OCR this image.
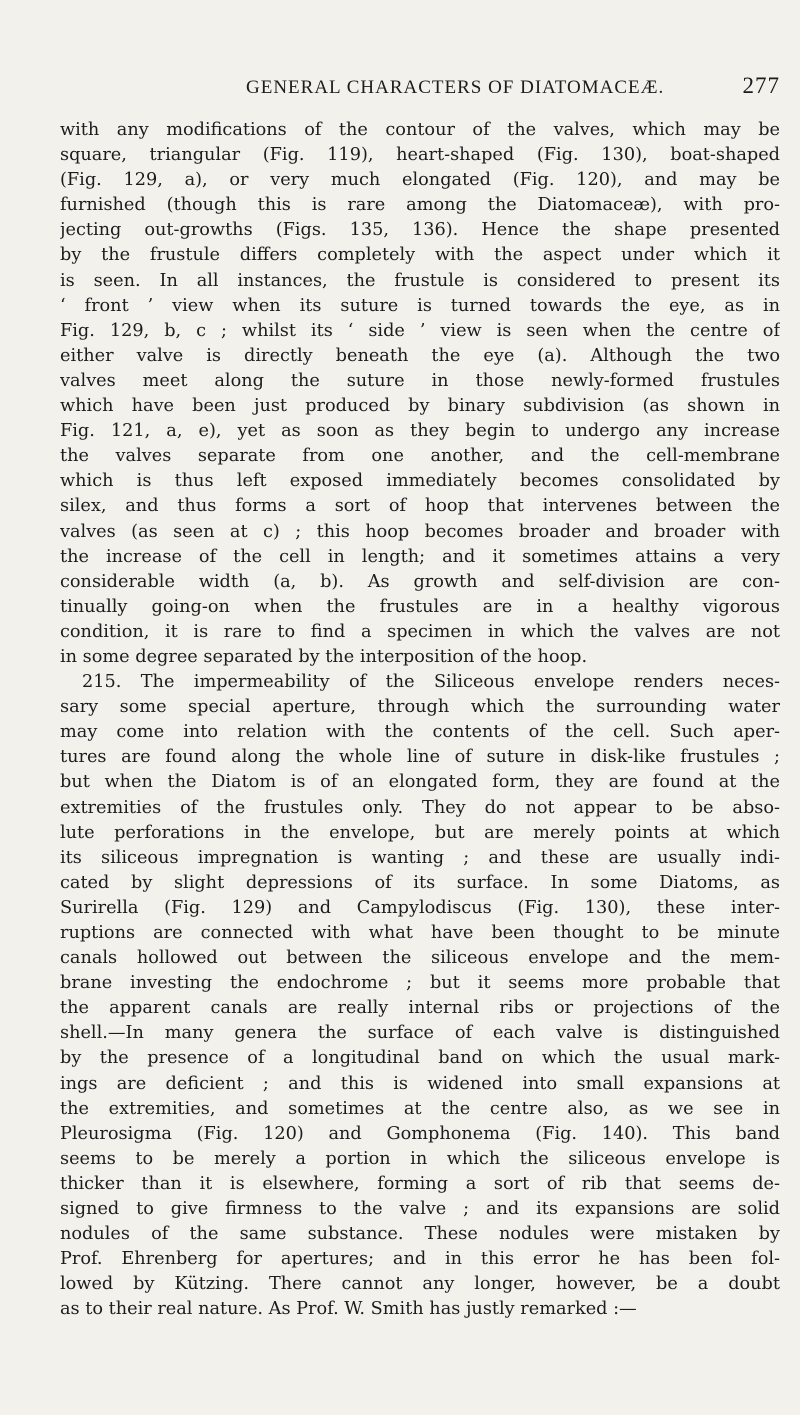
GENERAL CHARACTERS OF DIATOMACEÆ.	277
with any modifications of the contour of the valves, which may be
square, triangular (Fig. 119), heart-shaped (Fig. 130), boat-shaped
(Fig. 129, a), or very much elongated (Fig. 120), and may be
furnished (though this is rare among the Diatomaceæ), with pro-
jecting out-growths (Figs. 135, 136). Hence the shape presented
by the frustule differs completely with the aspect under which it
is seen. In all instances, the frustule is considered to present its
‘ front ’ view when its suture is turned towards the eye, as in
Fig. 129, b, c ; whilst its ‘ side ’ view is seen when the centre of
either valve is directly beneath the eye (a). Although the two
valves meet along the suture in those newly-formed frustules
which have been just produced by binary subdivision (as shown in
Fig. 121, a, e), yet as soon as they begin to undergo any increase
the valves separate from one another, and the cell-membrane
which is thus left exposed immediately becomes consolidated by
silex, and thus forms a sort of hoop that intervenes between the
valves (as seen at c) ; this hoop becomes broader and broader with
the increase of the cell in length; and it sometimes attains a very
considerable width (a, b). As growth and self-division are con-
tinually going-on when the frustules are in a healthy vigorous
condition, it is rare to find a specimen in which the valves are not
in some degree separated by the interposition of the hoop.
215. The impermeability of the Siliceous envelope renders neces-
sary some special aperture, through which the surrounding water
may come into relation with the contents of the cell. Such aper-
tures are found along the whole line of suture in disk-like frustules ;
but when the Diatom is of an elongated form, they are found at the
extremities of the frustules only. They do not appear to be abso-
lute perforations in the envelope, but are merely points at which
its siliceous impregnation is wanting ; and these are usually indi-
cated by slight depressions of its surface. In some Diatoms, as
Surirella (Fig. 129) and Campylodiscus (Fig. 130), these inter-
ruptions are connected with what have been thought to be minute
canals hollowed out between the siliceous envelope and the mem-
brane investing the endochrome ; but it seems more probable that
the apparent canals are really internal ribs or projections of the
shell.—In many genera the surface of each valve is distinguished
by the presence of a longitudinal band on which the usual mark-
ings are deficient ; and this is widened into small expansions at
the extremities, and sometimes at the centre also, as we see in
Pleurosigma (Fig. 120) and Gomphonema (Fig. 140). This band
seems to be merely a portion in which the siliceous envelope is
thicker than it is elsewhere, forming a sort of rib that seems de-
signed to give firmness to the valve ; and its expansions are solid
nodules of the same substance. These nodules were mistaken by
Prof. Ehrenberg for apertures; and in this error he has been fol-
lowed by Kützing. There cannot any longer, however, be a doubt
as to their real nature. As Prof. W. Smith has justly remarked :—
